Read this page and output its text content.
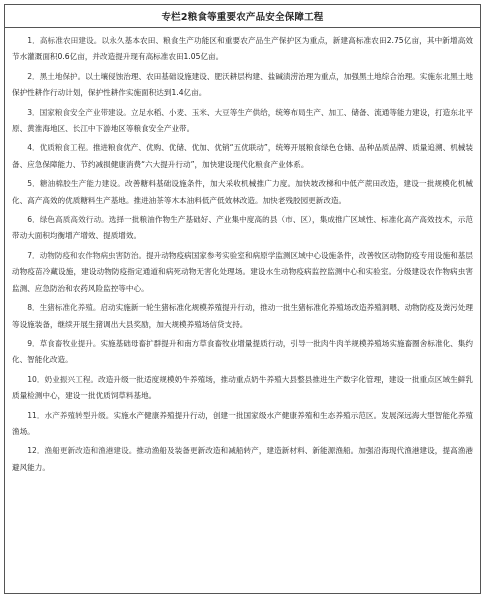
专栏2粮食等重要农产品安全保障工程

1．高标准农田建设。以永久基本农田、粮食生产功能区和重要农产品生产保护区为重点，新建高标准农田2.75亿亩，其中新增高效节水灌溉面积0.6亿亩，并改造提升现有高标准农田1.05亿亩。

2．黑土地保护。以土壤侵蚀治理、农田基础设施建设、肥沃耕层构建、盐碱渍涝治理为重点，加强黑土地综合治理。实施东北黑土地保护性耕作行动计划，保护性耕作实施面积达到1.4亿亩。

3．国家粮食安全产业带建设。立足水稻、小麦、玉米、大豆等生产供给，统筹布局生产、加工、储备、流通等能力建设，打造东北平原、黄淮海地区、长江中下游地区等粮食安全产业带。

4．优质粮食工程。推进粮食优产、优购、优储、优加、优销“五优联动”，统筹开展粮食绿色仓储、品种品质品牌、质量追溯、机械装备、应急保障能力、节约减损健康消费“六大提升行动”，加快建设现代化粮食产业体系。

5．糖油棉胶生产能力建设。改善糖料基础设施条件，加大采收机械推广力度。加快坡改梯和中低产蔗田改造，建设一批规模化机械化、高产高效的优质糖料生产基地。推进油茶等木本油料低产低效林改造。加快老残胶园更新改造。

6．绿色高质高效行动。选择一批粮油作物生产基础好、产业集中度高的县（市、区），集成推广区域性、标准化高产高效技术，示范带动大面积均衡增产增效、提质增效。

7．动物防疫和农作物病虫害防治。提升动物疫病国家参考实验室和病原学监测区域中心设施条件，改善牧区动物防疫专用设施和基层动物疫苗冷藏设施，建设动物防疫指定通道和病死动物无害化处理场。建设水生动物疫病监控监测中心和实验室。分级建设农作物病虫害监测、应急防治和农药风险监控等中心。

8．生猪标准化养殖。启动实施新一轮生猪标准化规模养殖提升行动，推动一批生猪标准化养殖场改造养殖洞喂、动物防疫及粪污处理等设施装备，继续开展生猪调出大县奖励，加大规模养殖场信贷支持。

9．草食畜牧业提升。实施基础母畜扩群提升和南方草食畜牧业增量提质行动，引导一批肉牛肉羊规模养殖场实施畜圈舍标准化、集约化、智能化改造。

10．奶业振兴工程。改造升级一批适度规模奶牛养殖场，推动重点奶牛养殖大县整县推进生产数字化管理，建设一批重点区域生鲜乳质量检测中心，建设一批优质饲草料基地。

11．水产养殖转型升级。实施水产健康养殖提升行动，创建一批国家级水产健康养殖和生态养殖示范区。发展深远海大型智能化养殖渔场。

12．渔船更新改造和渔港建设。推动渔船及装备更新改造和减船转产，建造新材料、新能源渔船。加强沿海现代渔港建设，提高渔港避风能力。
